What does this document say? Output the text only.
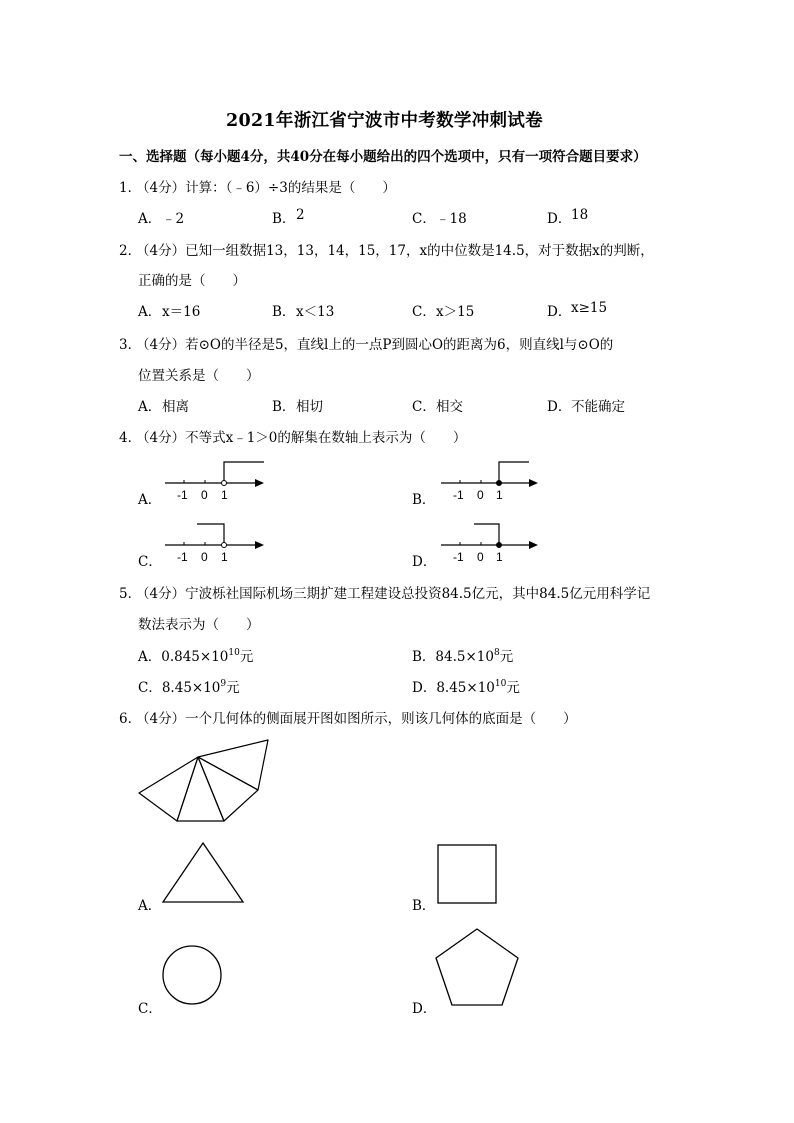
2021年浙江省宁波市中考数学冲刺试卷
一、选择题（每小题4分，共40分在每小题给出的四个选项中，只有一项符合题目要求）
1．
（4分）计算：（﹣6）÷3的结果是（　　）
A． ﹣2	B． 2	C． ﹣18	D． 18
2．
（4分）已知一组数据13，13，14，15，17，x的中位数是14.5，对于数据x的判断，
正确的是（　　）
A． x＝16	B． x＜13	C． x＞15	D． x≥15
3．
（4分）若⊙O的半径是5，直线l上的一点P到圆心O的距离为6，则直线l与⊙O的
位置关系是（　　）
A． 相离	B． 相切	C． 相交	D． 不能确定
4．
（4分）不等式x﹣1＞0的解集在数轴上表示为（　　）
A． -1 0 1	B． -1 0 1
C． -1 0 1	D． -1 0 1
5．
（4分）宁波栎社国际机场三期扩建工程建设总投资84.5亿元，其中84.5亿元用科学记
数法表示为（　　）
A．$0.845\times 10^{10}$元	B．$84.5\times 10^8$元
C．$8.45\times 10^9$元	D．$8.45\times 10^{10}$元
6．
（4分）一个几何体的侧面展开图如图所示，则该几何体的底面是（　　）
A．	B．
C．	D．
